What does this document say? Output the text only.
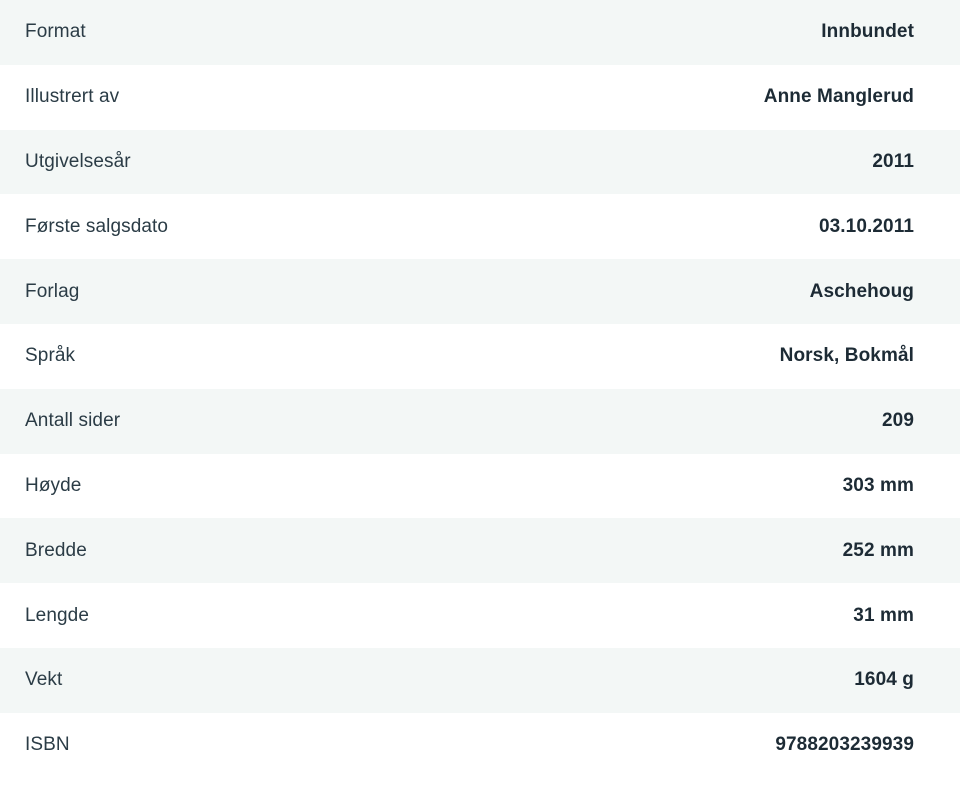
Format	Innbundet
Illustrert av	Anne Manglerud
Utgivelsesår	2011
Første salgsdato	03.10.2011
Forlag	Aschehoug
Språk	Norsk, Bokmål
Antall sider	209
Høyde	303 mm
Bredde	252 mm
Lengde	31 mm
Vekt	1604 g
ISBN	9788203239939
